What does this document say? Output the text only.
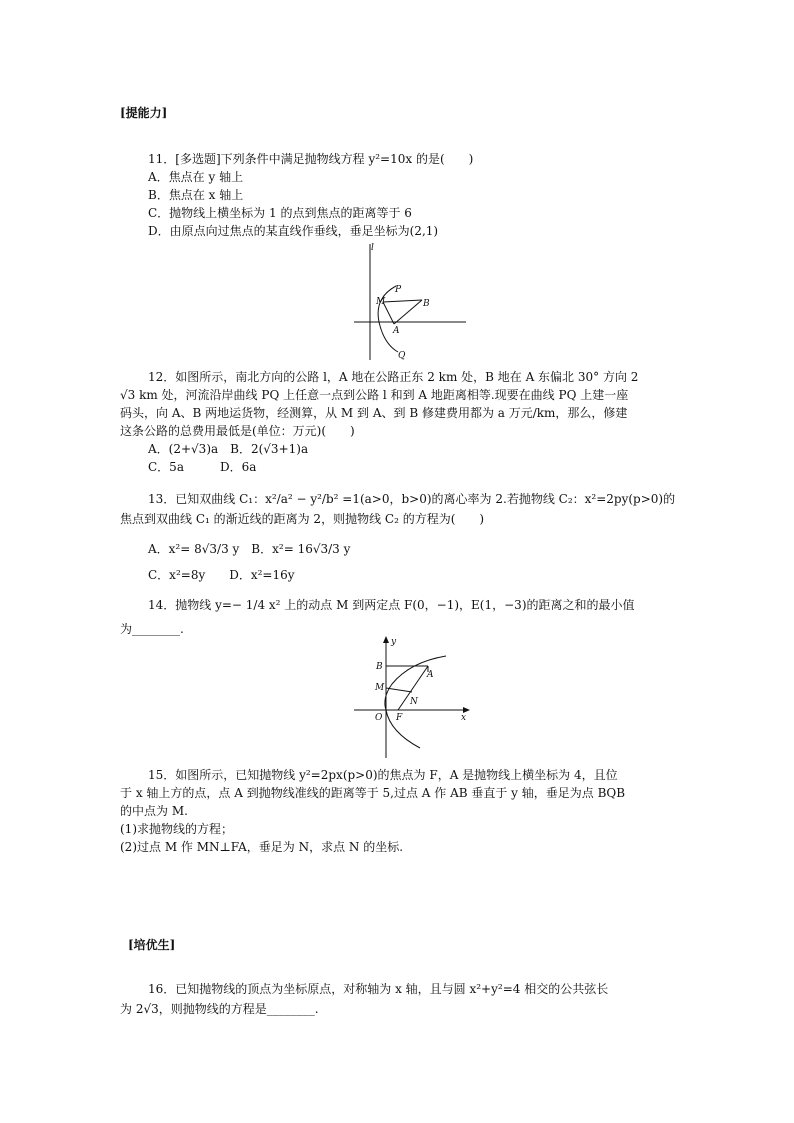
[提能力]
11．[多选题]下列条件中满足抛物线方程 y²=10x 的是(　　)
A．焦点在 y 轴上
B．焦点在 x 轴上
C．抛物线上横坐标为 1 的点到焦点的距离等于 6
D．由原点向过焦点的某直线作垂线，垂足坐标为(2,1)
l
P
M	B
A
Q
12．如图所示，南北方向的公路 l，A 地在公路正东 2 km 处，B 地在 A 东偏北 30° 方向 2
√3 km 处，河流沿岸曲线 PQ 上任意一点到公路 l 和到 A 地距离相等.现要在曲线 PQ 上建一座
码头，向 A、B 两地运货物，经测算，从 M 到 A、到 B 修建费用都为 a 万元/km，那么，修建
这条公路的总费用最低是(单位：万元)(　　)
A．(2+√3)a　B．2(√3+1)a
C．5a　　　D．6a
13．已知双曲线 C₁：x²/a² − y²/b² =1(a>0，b>0)的离心率为 2.若抛物线 C₂：x²=2py(p>0)的
焦点到双曲线 C₁ 的渐近线的距离为 2，则抛物线 C₂ 的方程为(　　)
A．x²= 8√3/3 y　B．x²= 16√3/3 y
C．x²=8y　　D．x²=16y
14．抛物线 y=− 1/4 x² 上的动点 M 到两定点 F(0，−1)，E(1，−3)的距离之和的最小值
为________.
y
B
A
M
N
O F	x
15．如图所示，已知抛物线 y²=2px(p>0)的焦点为 F，A 是抛物线上横坐标为 4，且位
于 x 轴上方的点，点 A 到抛物线准线的距离等于 5,过点 A 作 AB 垂直于 y 轴，垂足为点 BQB
的中点为 M.
(1)求抛物线的方程；
(2)过点 M 作 MN⊥FA，垂足为 N，求点 N 的坐标.
[培优生]
16．已知抛物线的顶点为坐标原点，对称轴为 x 轴，且与圆 x²+y²=4 相交的公共弦长
为 2√3，则抛物线的方程是________.
